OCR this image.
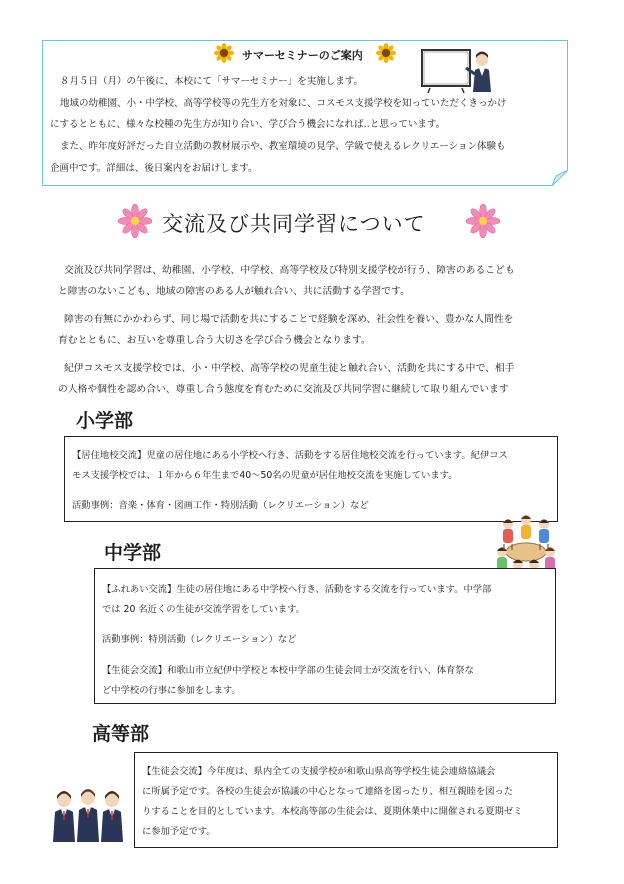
サマーセミナーのご案内
８月５日（月）の午後に、本校にて「サマーセミナー」を実施します。
地域の幼稚園、小・中学校、高等学校等の先生方を対象に、コスモス支援学校を知っていただくきっかけ
にするとともに、様々な校種の先生方が知り合い、学び合う機会になれば‥と思っています。
また、昨年度好評だった自立活動の教材展示や、教室環境の見学、学級で使えるレクリエーション体験も
企画中です。詳細は、後日案内をお届けします。
交流及び共同学習について
交流及び共同学習は、幼稚園、小学校、中学校、高等学校及び特別支援学校が行う、障害のあるこども
と障害のないこども、地域の障害のある人が触れ合い、共に活動する学習です。
障害の有無にかかわらず、同じ場で活動を共にすることで経験を深め、社会性を養い、豊かな人間性を
育むとともに、お互いを尊重し合う大切さを学び合う機会となります。
紀伊コスモス支援学校では、小・中学校、高等学校の児童生徒と触れ合い、活動を共にする中で、相手
の人格や個性を認め合い、尊重し合う態度を育むために交流及び共同学習に継続して取り組んでいます
小学部
【居住地校交流】児童の居住地にある小学校へ行き、活動をする居住地校交流を行っています。紀伊コス
モス支援学校では、１年から６年生まで40～50名の児童が居住地校交流を実施しています。
活動事例：音楽・体育・図画工作・特別活動（レクリエーション）など
中学部
【ふれあい交流】生徒の居住地にある中学校へ行き、活動をする交流を行っています。中学部
では 20 名近くの生徒が交流学習をしています。
活動事例：特別活動（レクリエーション）など
【生徒会交流】和歌山市立紀伊中学校と本校中学部の生徒会同士が交流を行い、体育祭な
ど中学校の行事に参加をします。
高等部
【生徒会交流】今年度は、県内全ての支援学校が和歌山県高等学校生徒会連絡協議会
に所属予定です。各校の生徒会が協議の中心となって連絡を図ったり、相互親睦を図った
りすることを目的としています。本校高等部の生徒会は、夏期休業中に開催される夏期ゼミ
に参加予定です。
